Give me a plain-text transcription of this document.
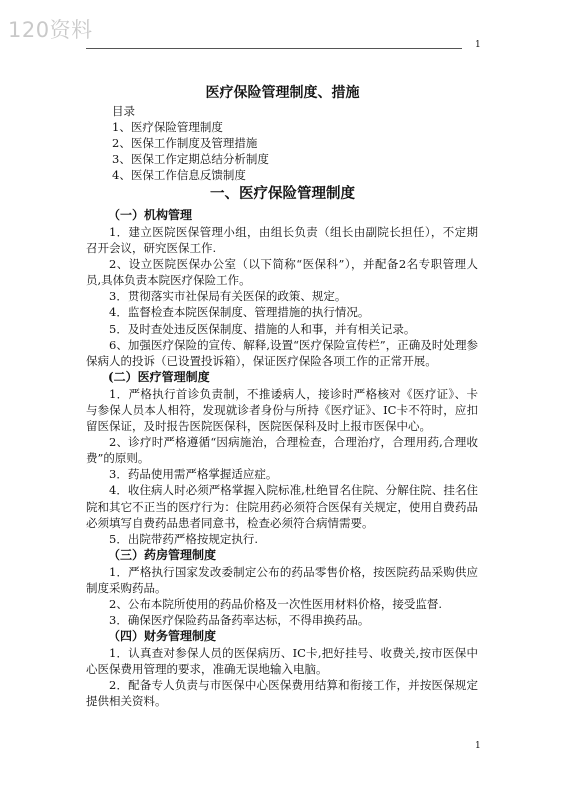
120资料
1
医疗保险管理制度、措施
目录
1、医疗保险管理制度
2、医保工作制度及管理措施
3、医保工作定期总结分析制度
4、医保工作信息反馈制度
一、医疗保险管理制度
（一）机构管理
1．建立医院医保管理小组，由组长负责（组长由副院长担任），不定期召开会议，研究医保工作.
2、设立医院医保办公室（以下简称“医保科”），并配备2名专职管理人员,具体负责本院医疗保险工作。
3．贯彻落实市社保局有关医保的政策、规定。
4．监督检查本院医保制度、管理措施的执行情况。
5．及时查处违反医保制度、措施的人和事，并有相关记录。
6、加强医疗保险的宣传、解释,设置“医疗保险宣传栏”，正确及时处理参保病人的投诉（已设置投诉箱），保证医疗保险各项工作的正常开展。
(二）医疗管理制度
1．严格执行首诊负责制，不推诿病人，接诊时严格核对《医疗证》、卡与参保人员本人相符，发现就诊者身份与所持《医疗证》、IC卡不符时，应扣留医保证，及时报告医院医保科，医院医保科及时上报市医保中心。
2、诊疗时严格遵循“因病施治，合理检查，合理治疗，合理用药,合理收费”的原则。
3．药品使用需严格掌握适应症。
4．收住病人时必须严格掌握入院标准,杜绝冒名住院、分解住院、挂名住院和其它不正当的医疗行为：住院用药必须符合医保有关规定，使用自费药品必须填写自费药品患者同意书，检查必须符合病情需要。
5．出院带药严格按规定执行.
（三）药房管理制度
1．严格执行国家发改委制定公布的药品零售价格，按医院药品采购供应制度采购药品。
2、公布本院所使用的药品价格及一次性医用材料价格，接受监督.
3．确保医疗保险药品备药率达标，不得串换药品。
（四）财务管理制度
1．认真查对参保人员的医保病历、IC卡,把好挂号、收费关,按市医保中心医保费用管理的要求，准确无误地输入电脑。
2．配备专人负责与市医保中心医保费用结算和衔接工作，并按医保规定提供相关资料。
1
